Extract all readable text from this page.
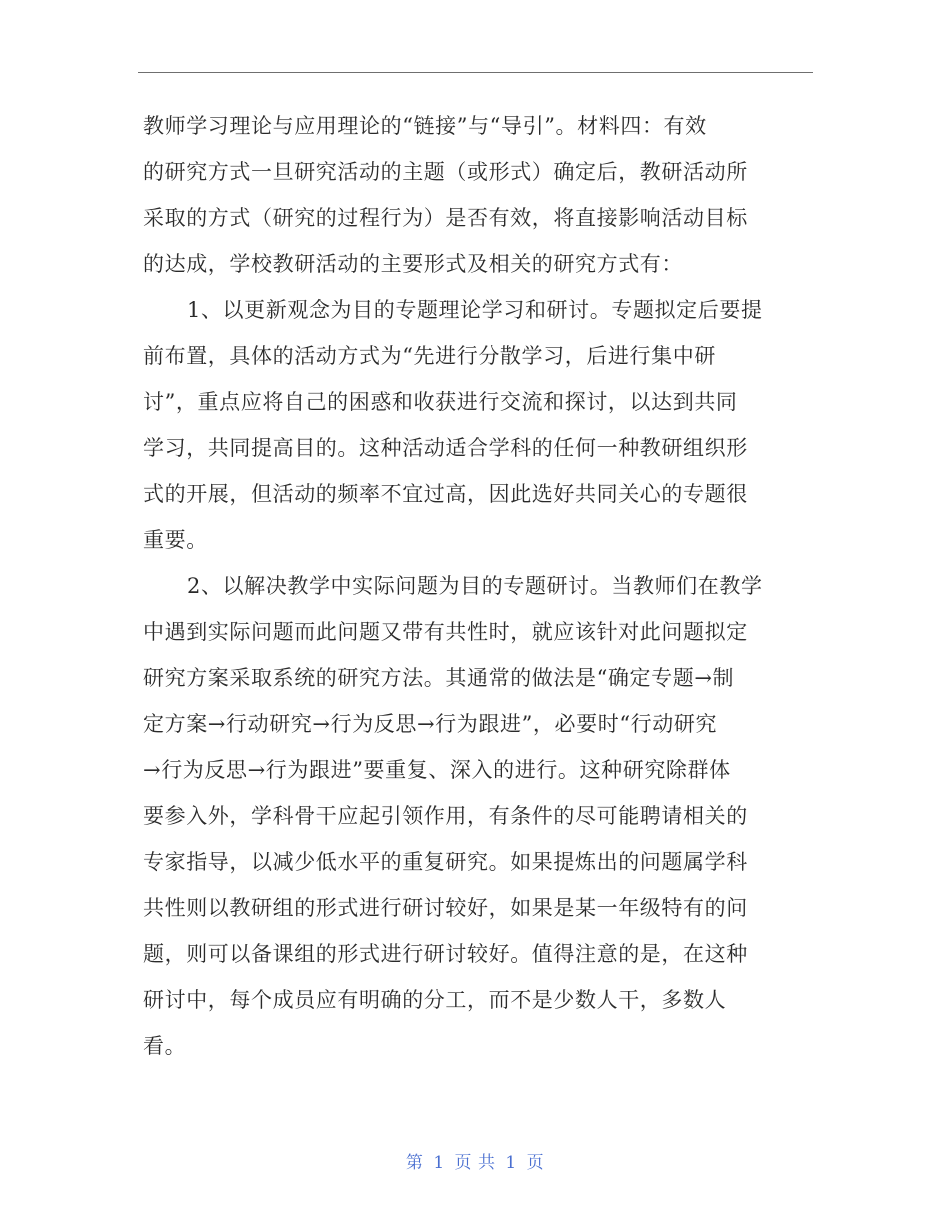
教师学习理论与应用理论的“链接”与“导引”。材料四：有效
的研究方式一旦研究活动的主题（或形式）确定后，教研活动所
采取的方式（研究的过程行为）是否有效，将直接影响活动目标
的达成，学校教研活动的主要形式及相关的研究方式有：
1、以更新观念为目的专题理论学习和研讨。专题拟定后要提
前布置，具体的活动方式为“先进行分散学习，后进行集中研
讨”，重点应将自己的困惑和收获进行交流和探讨，以达到共同
学习，共同提高目的。这种活动适合学科的任何一种教研组织形
式的开展，但活动的频率不宜过高，因此选好共同关心的专题很
重要。
2、以解决教学中实际问题为目的专题研讨。当教师们在教学
中遇到实际问题而此问题又带有共性时，就应该针对此问题拟定
研究方案采取系统的研究方法。其通常的做法是“确定专题→制
定方案→行动研究→行为反思→行为跟进”，必要时“行动研究
→行为反思→行为跟进”要重复、深入的进行。这种研究除群体
要参入外，学科骨干应起引领作用，有条件的尽可能聘请相关的
专家指导，以减少低水平的重复研究。如果提炼出的问题属学科
共性则以教研组的形式进行研讨较好，如果是某一年级特有的问
题，则可以备课组的形式进行研讨较好。值得注意的是，在这种
研讨中，每个成员应有明确的分工，而不是少数人干，多数人
看。
第 1 页 共 1 页
